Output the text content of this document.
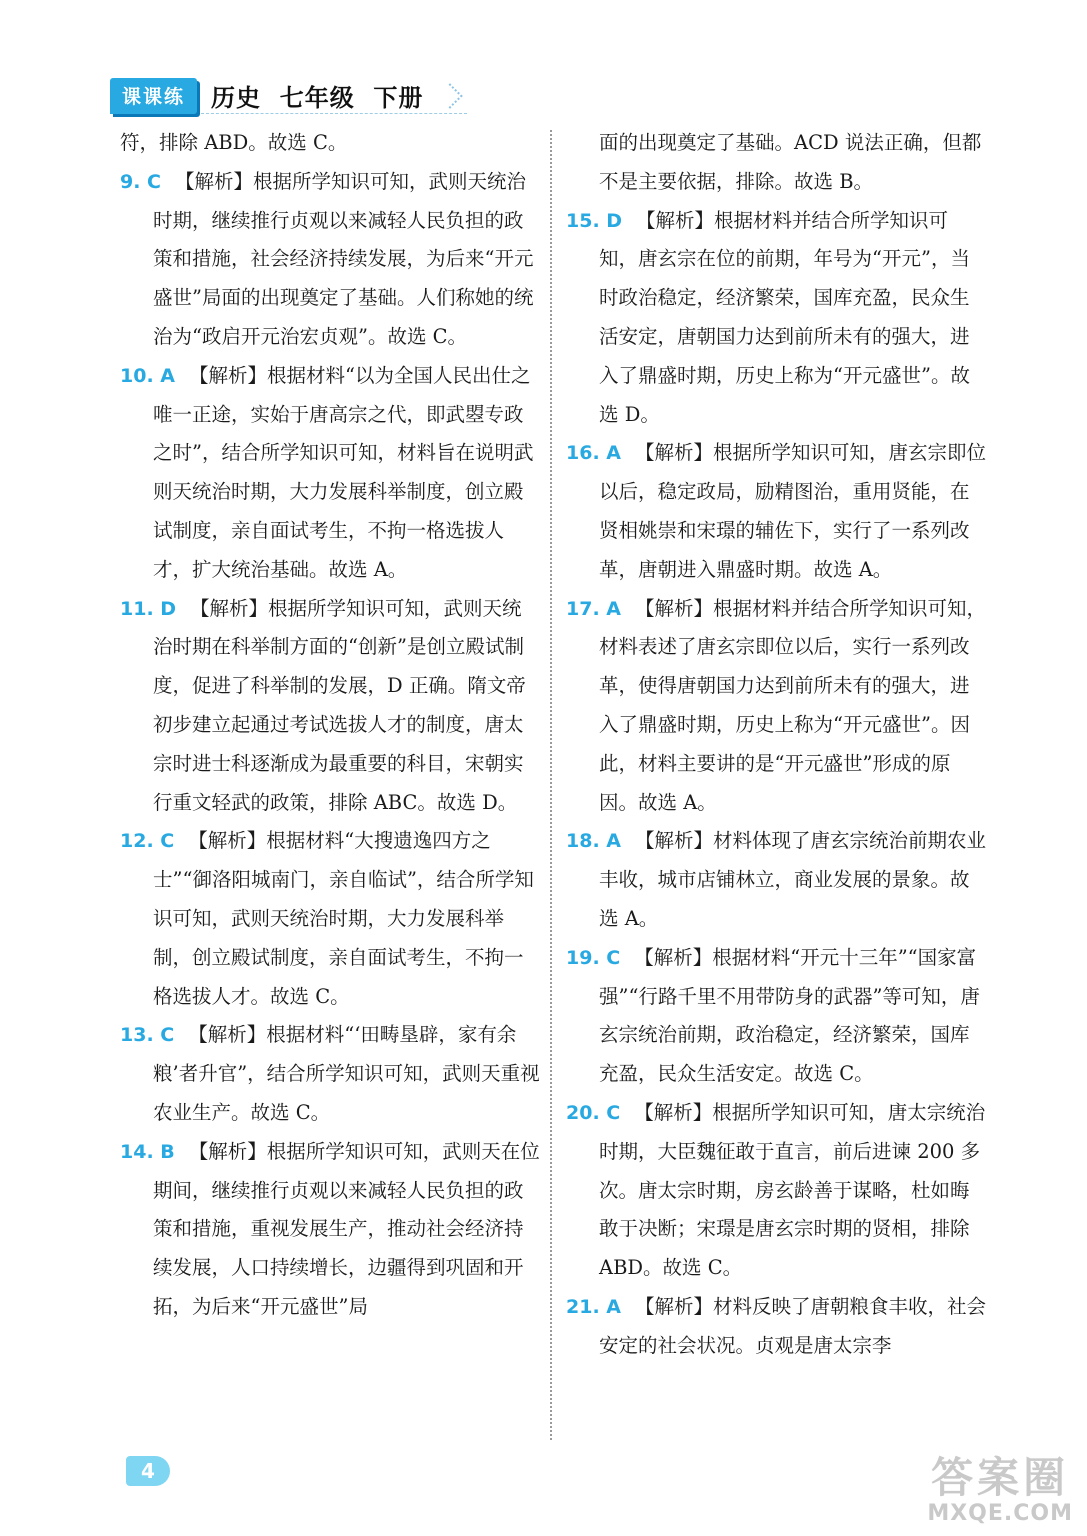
课课练	历史  七年级  下册
符，排除 ABD。故选 C。
9. C 【解析】根据所学知识可知，武则天统治时期，继续推行贞观以来减轻人民负担的政策和措施，社会经济持续发展，为后来“开元盛世”局面的出现奠定了基础。人们称她的统治为“政启开元治宏贞观”。故选 C。
10. A 【解析】根据材料“以为全国人民出仕之唯一正途，实始于唐高宗之代，即武曌专政之时”，结合所学知识可知，材料旨在说明武则天统治时期，大力发展科举制度，创立殿试制度，亲自面试考生，不拘一格选拔人才，扩大统治基础。故选 A。
11. D 【解析】根据所学知识可知，武则天统治时期在科举制方面的“创新”是创立殿试制度，促进了科举制的发展，D 正确。隋文帝初步建立起通过考试选拔人才的制度，唐太宗时进士科逐渐成为最重要的科目，宋朝实行重文轻武的政策，排除 ABC。故选 D。
12. C 【解析】根据材料“大搜遗逸四方之士”“御洛阳城南门，亲自临试”，结合所学知识可知，武则天统治时期，大力发展科举制，创立殿试制度，亲自面试考生，不拘一格选拔人才。故选 C。
13. C 【解析】根据材料“‘田畴垦辟，家有余粮’者升官”，结合所学知识可知，武则天重视农业生产。故选 C。
14. B 【解析】根据所学知识可知，武则天在位期间，继续推行贞观以来减轻人民负担的政策和措施，重视发展生产，推动社会经济持续发展，人口持续增长，边疆得到巩固和开拓，为后来“开元盛世”局
面的出现奠定了基础。ACD 说法正确，但都不是主要依据，排除。故选 B。
15. D 【解析】根据材料并结合所学知识可知，唐玄宗在位的前期，年号为“开元”，当时政治稳定，经济繁荣，国库充盈，民众生活安定，唐朝国力达到前所未有的强大，进入了鼎盛时期，历史上称为“开元盛世”。故选 D。
16. A 【解析】根据所学知识可知，唐玄宗即位以后，稳定政局，励精图治，重用贤能，在贤相姚崇和宋璟的辅佐下，实行了一系列改革，唐朝进入鼎盛时期。故选 A。
17. A 【解析】根据材料并结合所学知识可知，材料表述了唐玄宗即位以后，实行一系列改革，使得唐朝国力达到前所未有的强大，进入了鼎盛时期，历史上称为“开元盛世”。因此，材料主要讲的是“开元盛世”形成的原因。故选 A。
18. A 【解析】材料体现了唐玄宗统治前期农业丰收，城市店铺林立，商业发展的景象。故选 A。
19. C 【解析】根据材料“开元十三年”“国家富强”“行路千里不用带防身的武器”等可知，唐玄宗统治前期，政治稳定，经济繁荣，国库充盈，民众生活安定。故选 C。
20. C 【解析】根据所学知识可知，唐太宗统治时期，大臣魏征敢于直言，前后进谏 200 多次。唐太宗时期，房玄龄善于谋略，杜如晦敢于决断；宋璟是唐玄宗时期的贤相，排除 ABD。故选 C。
21. A 【解析】材料反映了唐朝粮食丰收，社会安定的社会状况。贞观是唐太宗李
4	答案圈
MXQE.COM
